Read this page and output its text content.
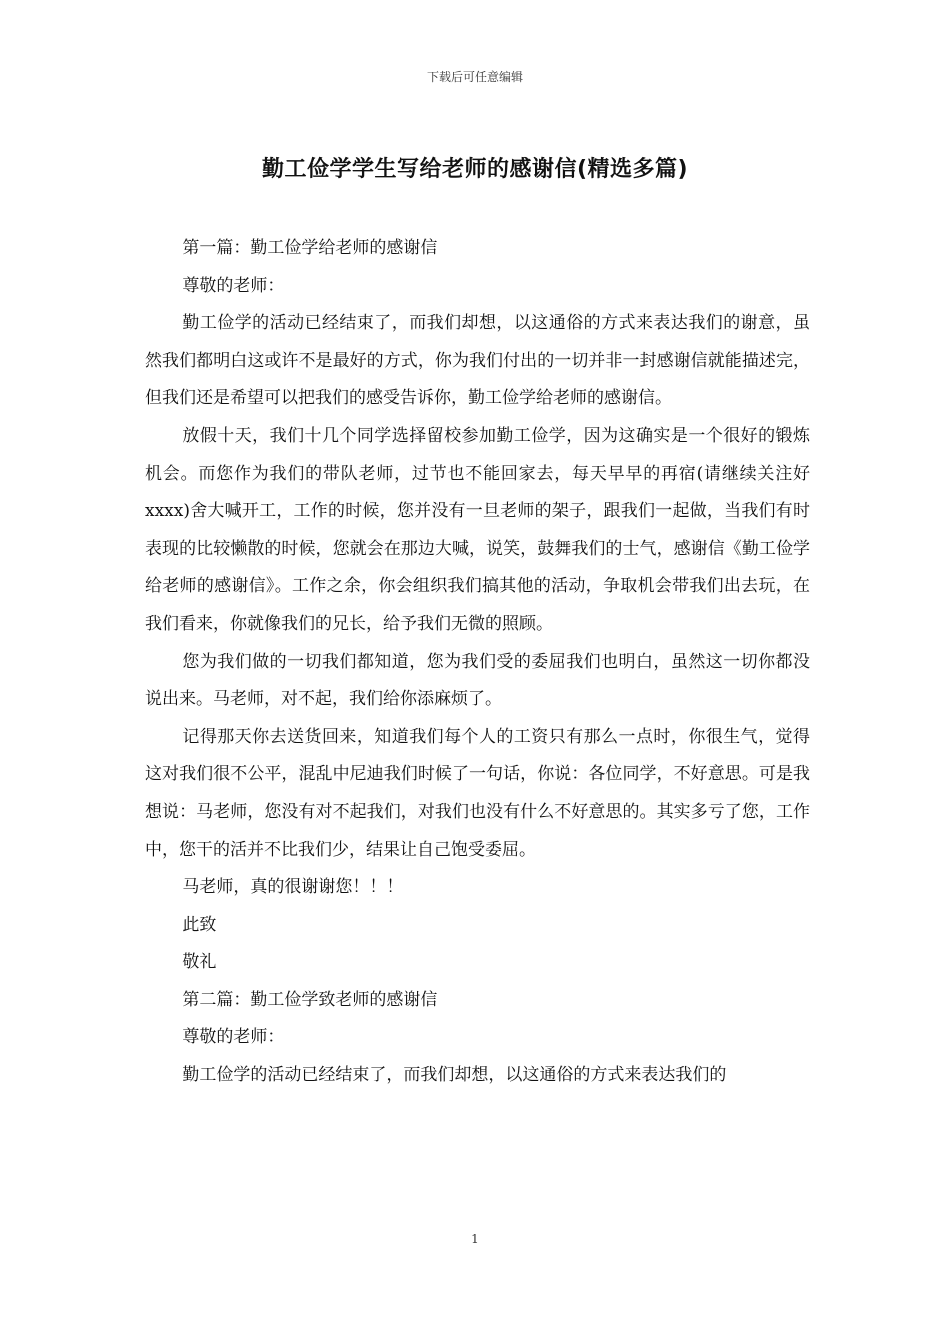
下载后可任意编辑
勤工俭学学生写给老师的感谢信(精选多篇)

第一篇：勤工俭学给老师的感谢信

尊敬的老师：

勤工俭学的活动已经结束了，而我们却想，以这通俗的方式来表达我们的谢意，虽然我们都明白这或许不是最好的方式，你为我们付出的一切并非一封感谢信就能描述完，但我们还是希望可以把我们的感受告诉你，勤工俭学给老师的感谢信。

放假十天，我们十几个同学选择留校参加勤工俭学，因为这确实是一个很好的锻炼机会。而您作为我们的带队老师，过节也不能回家去，每天早早的再宿(请继续关注好xxxx)舍大喊开工，工作的时候，您并没有一旦老师的架子，跟我们一起做，当我们有时表现的比较懒散的时候，您就会在那边大喊，说笑，鼓舞我们的士气，感谢信《勤工俭学给老师的感谢信》。工作之余，你会组织我们搞其他的活动，争取机会带我们出去玩，在我们看来，你就像我们的兄长，给予我们无微的照顾。

您为我们做的一切我们都知道，您为我们受的委屈我们也明白，虽然这一切你都没说出来。马老师，对不起，我们给你添麻烦了。

记得那天你去送货回来，知道我们每个人的工资只有那么一点时，你很生气，觉得这对我们很不公平，混乱中尼迪我们时候了一句话，你说：各位同学，不好意思。可是我想说：马老师，您没有对不起我们，对我们也没有什么不好意思的。其实多亏了您，工作中，您干的活并不比我们少，结果让自己饱受委屈。

马老师，真的很谢谢您！！！

此致

敬礼

第二篇：勤工俭学致老师的感谢信

尊敬的老师：

勤工俭学的活动已经结束了，而我们却想，以这通俗的方式来表达我们的

1
